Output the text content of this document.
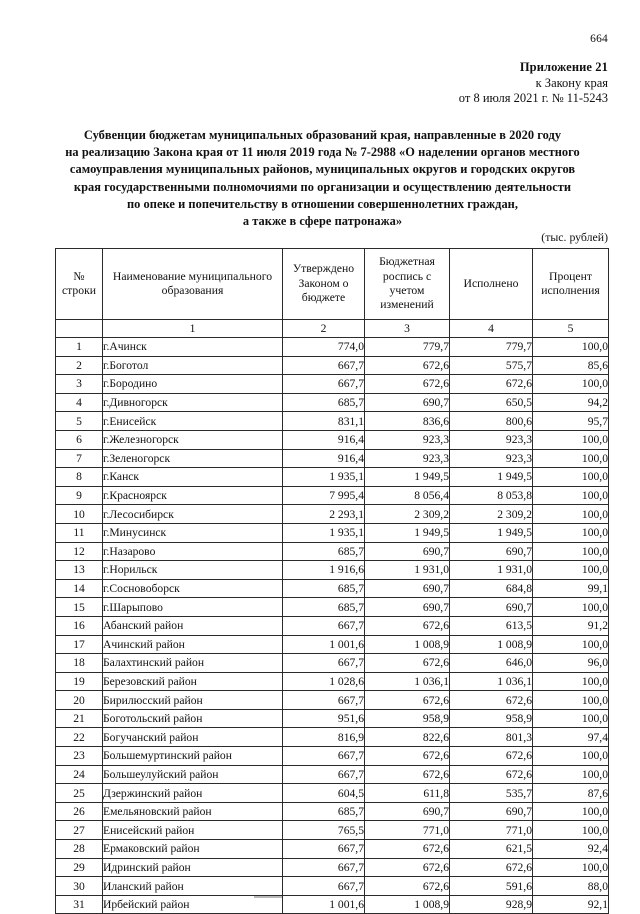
664
Приложение 21
к Закону края
от 8 июля 2021 г. № 11-5243
Субвенции бюджетам муниципальных образований края, направленные в 2020 году
на реализацию Закона края от 11 июля 2019 года № 7-2988 «О наделении органов местного
самоуправления муниципальных районов, муниципальных округов и городских округов
края государственными полномочиями по организации и осуществлению деятельности
по опеке и попечительству в отношении совершеннолетних граждан,
а также в сфере патронажа»
(тыс. рублей)
№
строки	Наименование муниципального
образования	Утверждено
Законом о
бюджете	Бюджетная
роспись с
учетом
изменений	Исполнено	Процент
исполнения
	1	2	3	4	5
1	г.Ачинск	774,0	779,7	779,7	100,0
2	г.Боготол	667,7	672,6	575,7	85,6
3	г.Бородино	667,7	672,6	672,6	100,0
4	г.Дивногорск	685,7	690,7	650,5	94,2
5	г.Енисейск	831,1	836,6	800,6	95,7
6	г.Железногорск	916,4	923,3	923,3	100,0
7	г.Зеленогорск	916,4	923,3	923,3	100,0
8	г.Канск	1 935,1	1 949,5	1 949,5	100,0
9	г.Красноярск	7 995,4	8 056,4	8 053,8	100,0
10	г.Лесосибирск	2 293,1	2 309,2	2 309,2	100,0
11	г.Минусинск	1 935,1	1 949,5	1 949,5	100,0
12	г.Назарово	685,7	690,7	690,7	100,0
13	г.Норильск	1 916,6	1 931,0	1 931,0	100,0
14	г.Сосновоборск	685,7	690,7	684,8	99,1
15	г.Шарыпово	685,7	690,7	690,7	100,0
16	Абанский район	667,7	672,6	613,5	91,2
17	Ачинский район	1 001,6	1 008,9	1 008,9	100,0
18	Балахтинский район	667,7	672,6	646,0	96,0
19	Березовский район	1 028,6	1 036,1	1 036,1	100,0
20	Бирилюсский район	667,7	672,6	672,6	100,0
21	Боготольский район	951,6	958,9	958,9	100,0
22	Богучанский район	816,9	822,6	801,3	97,4
23	Большемуртинский район	667,7	672,6	672,6	100,0
24	Большеулуйский район	667,7	672,6	672,6	100,0
25	Дзержинский район	604,5	611,8	535,7	87,6
26	Емельяновский район	685,7	690,7	690,7	100,0
27	Енисейский район	765,5	771,0	771,0	100,0
28	Ермаковский район	667,7	672,6	621,5	92,4
29	Идринский район	667,7	672,6	672,6	100,0
30	Иланский район	667,7	672,6	591,6	88,0
31	Ирбейский район	1 001,6	1 008,9	928,9	92,1
